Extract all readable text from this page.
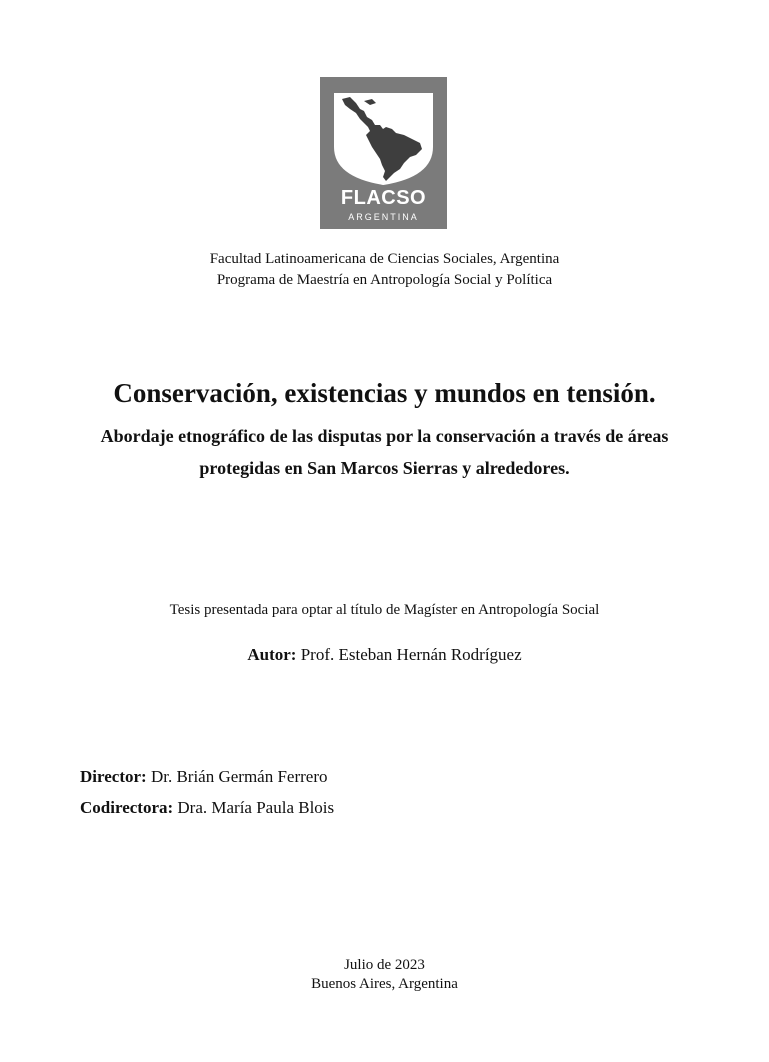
FLACSO
ARGENTINA
Facultad Latinoamericana de Ciencias Sociales, Argentina
Programa de Maestría en Antropología Social y Política
Conservación, existencias y mundos en tensión.
Abordaje etnográfico de las disputas por la conservación a través de áreas
protegidas en San Marcos Sierras y alrededores.
Tesis presentada para optar al título de Magíster en Antropología Social
Autor: Prof. Esteban Hernán Rodríguez
Director: Dr. Brián Germán Ferrero
Codirectora: Dra. María Paula Blois
Julio de 2023
Buenos Aires, Argentina
